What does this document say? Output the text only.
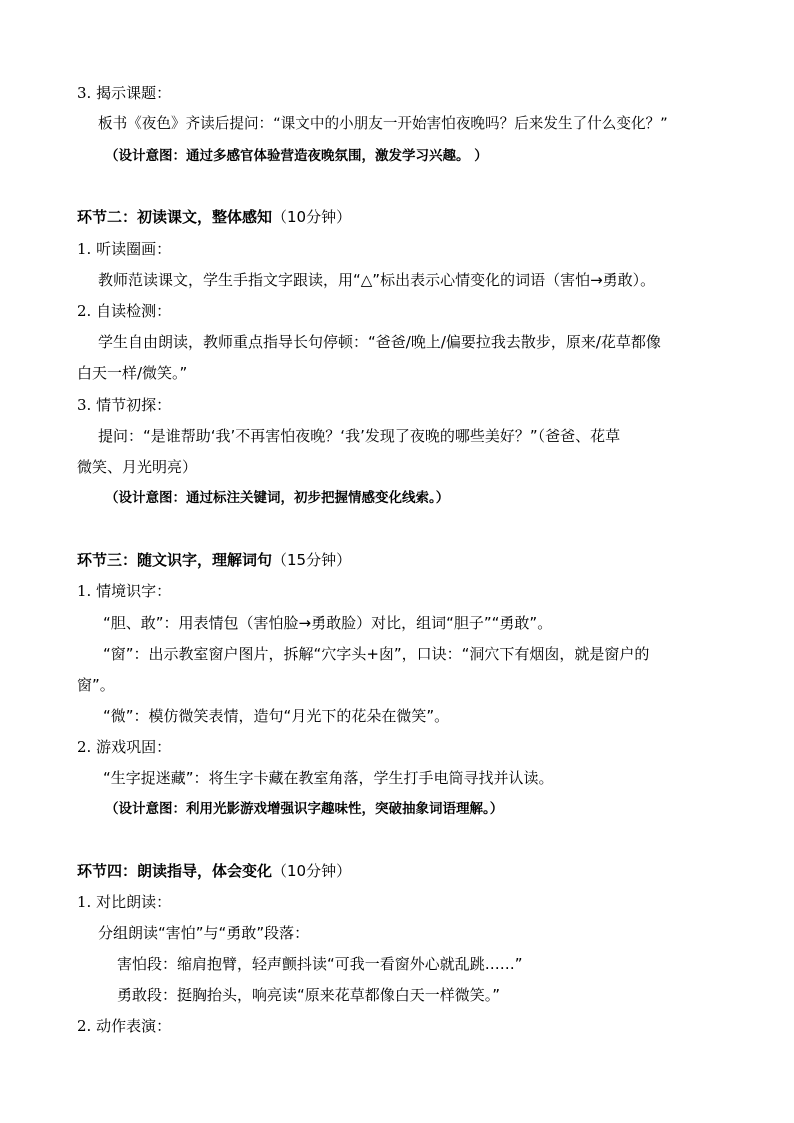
3. 揭示课题：
板书《夜色》齐读后提问：“课文中的小朋友一开始害怕夜晚吗？后来发生了什么变化？”
（设计意图：通过多感官体验营造夜晚氛围，激发学习兴趣。 ）
环节二：初读课文，整体感知（10分钟）
1. 听读圈画：
教师范读课文，学生手指文字跟读，用“△”标出表示心情变化的词语（害怕→勇敢）。
2. 自读检测：
学生自由朗读，教师重点指导长句停顿：“爸爸/晚上/偏要拉我去散步，原来/花草都像
白天一样/微笑。”
3. 情节初探：
提问：“是谁帮助‘我’不再害怕夜晚？‘我’发现了夜晚的哪些美好？”（爸爸、花草
微笑、月光明亮）
（设计意图：通过标注关键词，初步把握情感变化线索。）
环节三：随文识字，理解词句（15分钟）
1. 情境识字：
“胆、敢”：用表情包（害怕脸→勇敢脸）对比，组词“胆子”“勇敢”。
“窗”：出示教室窗户图片，拆解“穴字头+囱”，口诀：“洞穴下有烟囱，就是窗户的
窗”。
“微”：模仿微笑表情，造句“月光下的花朵在微笑”。
2. 游戏巩固：
“生字捉迷藏”：将生字卡藏在教室角落，学生打手电筒寻找并认读。
（设计意图：利用光影游戏增强识字趣味性，突破抽象词语理解。）
环节四：朗读指导，体会变化（10分钟）
1. 对比朗读：
分组朗读“害怕”与“勇敢”段落：
害怕段：缩肩抱臂，轻声颤抖读“可我一看窗外心就乱跳……”
勇敢段：挺胸抬头，响亮读“原来花草都像白天一样微笑。”
2. 动作表演：
